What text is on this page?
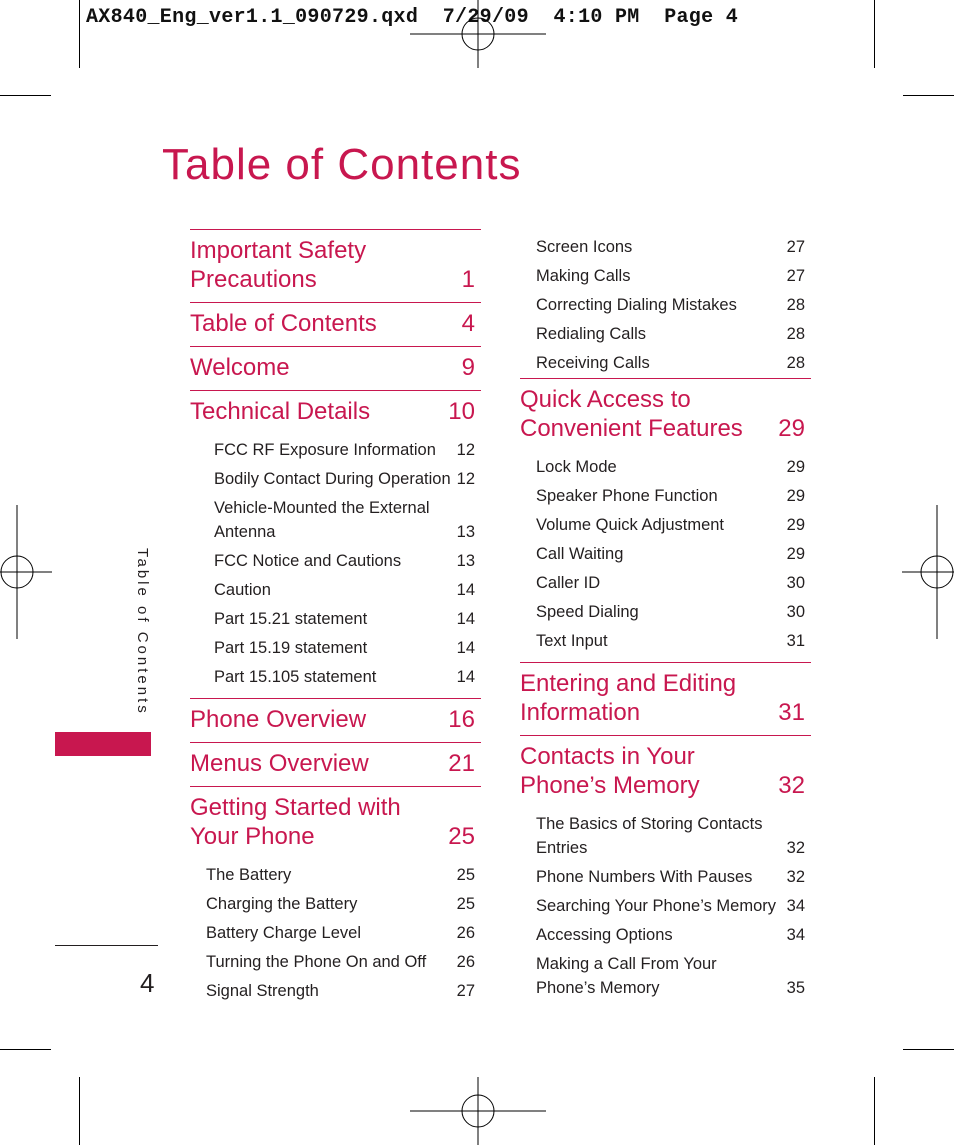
AX840_Eng_ver1.1_090729.qxd  7/29/09  4:10 PM  Page 4
Table of Contents
Table of Contents
Important Safety Precautions	1
Table of Contents	4
Welcome	9
Technical Details	10
FCC RF Exposure Information 12
Bodily Contact During Operation 12
Vehicle-Mounted the External Antenna	13
FCC Notice and Cautions	13
Caution	14
Part 15.21 statement	14
Part 15.19 statement	14
Part 15.105 statement	14
Phone Overview	16
Menus Overview	21
Getting Started with Your Phone	25
The Battery	25
Charging the Battery	25
Battery Charge Level	26
Turning the Phone On and Off 26
Signal Strength	27
Screen Icons	27
Making Calls	27
Correcting Dialing Mistakes	28
Redialing Calls	28
Receiving Calls	28
Quick Access to Convenient Features	29
Lock Mode	29
Speaker Phone Function	29
Volume Quick Adjustment	29
Call Waiting	29
Caller ID	30
Speed Dialing	30
Text Input	31
Entering and Editing Information	31
Contacts in Your Phone’s Memory	32
The Basics of Storing Contacts Entries	32
Phone Numbers With Pauses 32
Searching Your Phone’s Memory 34
Accessing Options	34
Making a Call From Your Phone’s Memory	35
4
